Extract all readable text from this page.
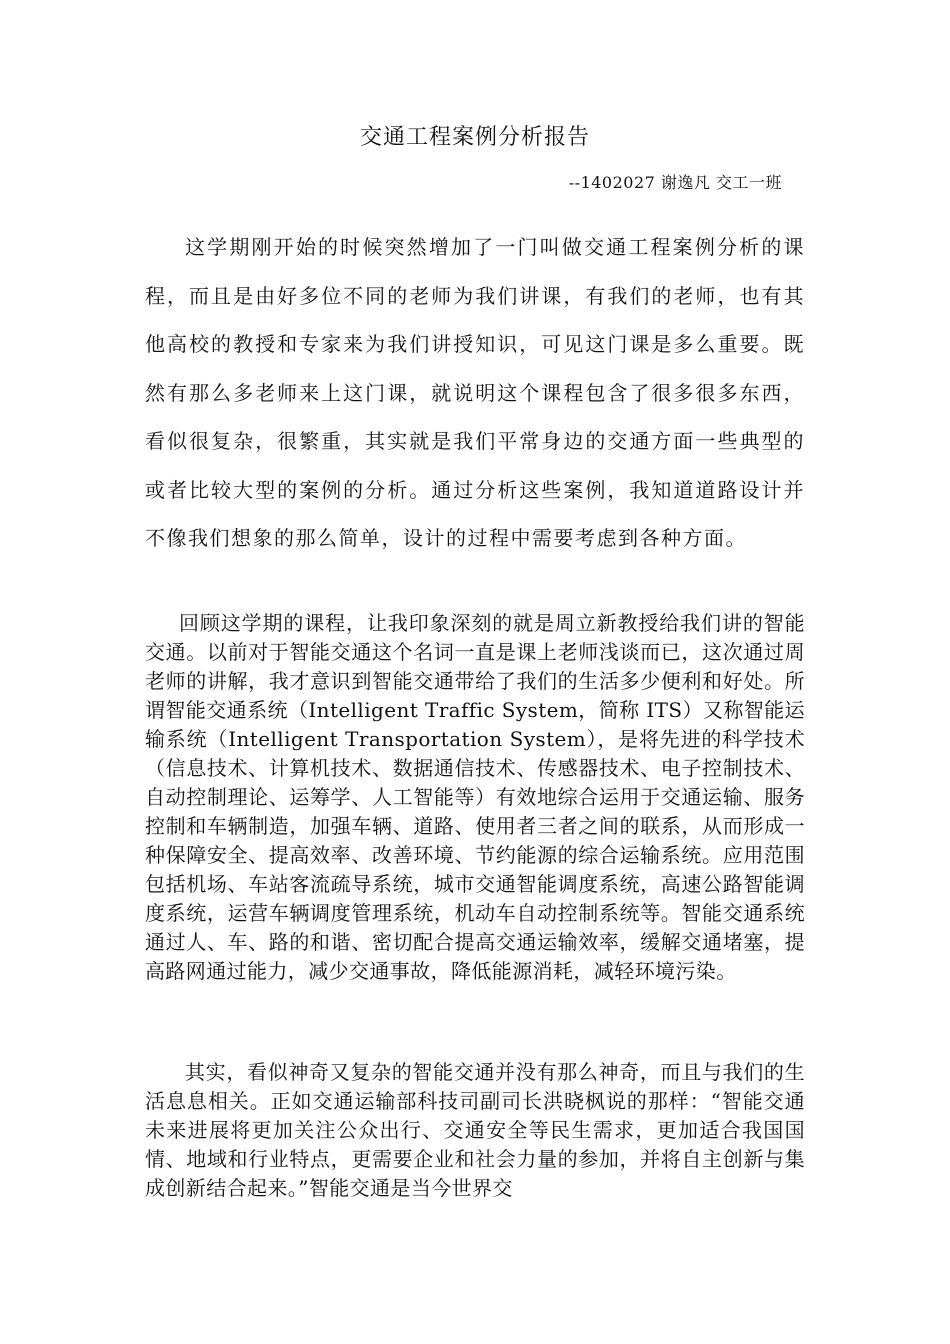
交通工程案例分析报告
--1402027 谢逸凡 交工一班

这学期刚开始的时候突然增加了一门叫做交通工程案例分析的课程，而且是由好多位不同的老师为我们讲课，有我们的老师，也有其他高校的教授和专家来为我们讲授知识，可见这门课是多么重要。既然有那么多老师来上这门课，就说明这个课程包含了很多很多东西，看似很复杂，很繁重，其实就是我们平常身边的交通方面一些典型的或者比较大型的案例的分析。通过分析这些案例，我知道道路设计并不像我们想象的那么简单，设计的过程中需要考虑到各种方面。

回顾这学期的课程，让我印象深刻的就是周立新教授给我们讲的智能交通。以前对于智能交通这个名词一直是课上老师浅谈而已，这次通过周老师的讲解，我才意识到智能交通带给了我们的生活多少便利和好处。所谓智能交通系统（Intelligent Traffic System，简称 ITS）又称智能运输系统（Intelligent Transportation System），是将先进的科学技术（信息技术、计算机技术、数据通信技术、传感器技术、电子控制技术、自动控制理论、运筹学、人工智能等）有效地综合运用于交通运输、服务控制和车辆制造，加强车辆、道路、使用者三者之间的联系，从而形成一种保障安全、提高效率、改善环境、节约能源的综合运输系统。应用范围包括机场、车站客流疏导系统，城市交通智能调度系统，高速公路智能调度系统，运营车辆调度管理系统，机动车自动控制系统等。智能交通系统通过人、车、路的和谐、密切配合提高交通运输效率，缓解交通堵塞，提高路网通过能力，减少交通事故，降低能源消耗，减轻环境污染。

其实，看似神奇又复杂的智能交通并没有那么神奇，而且与我们的生活息息相关。正如交通运输部科技司副司长洪晓枫说的那样：“智能交通未来进展将更加关注公众出行、交通安全等民生需求，更加适合我国国情、地域和行业特点，更需要企业和社会力量的参加，并将自主创新与集成创新结合起来。”智能交通是当今世界交
